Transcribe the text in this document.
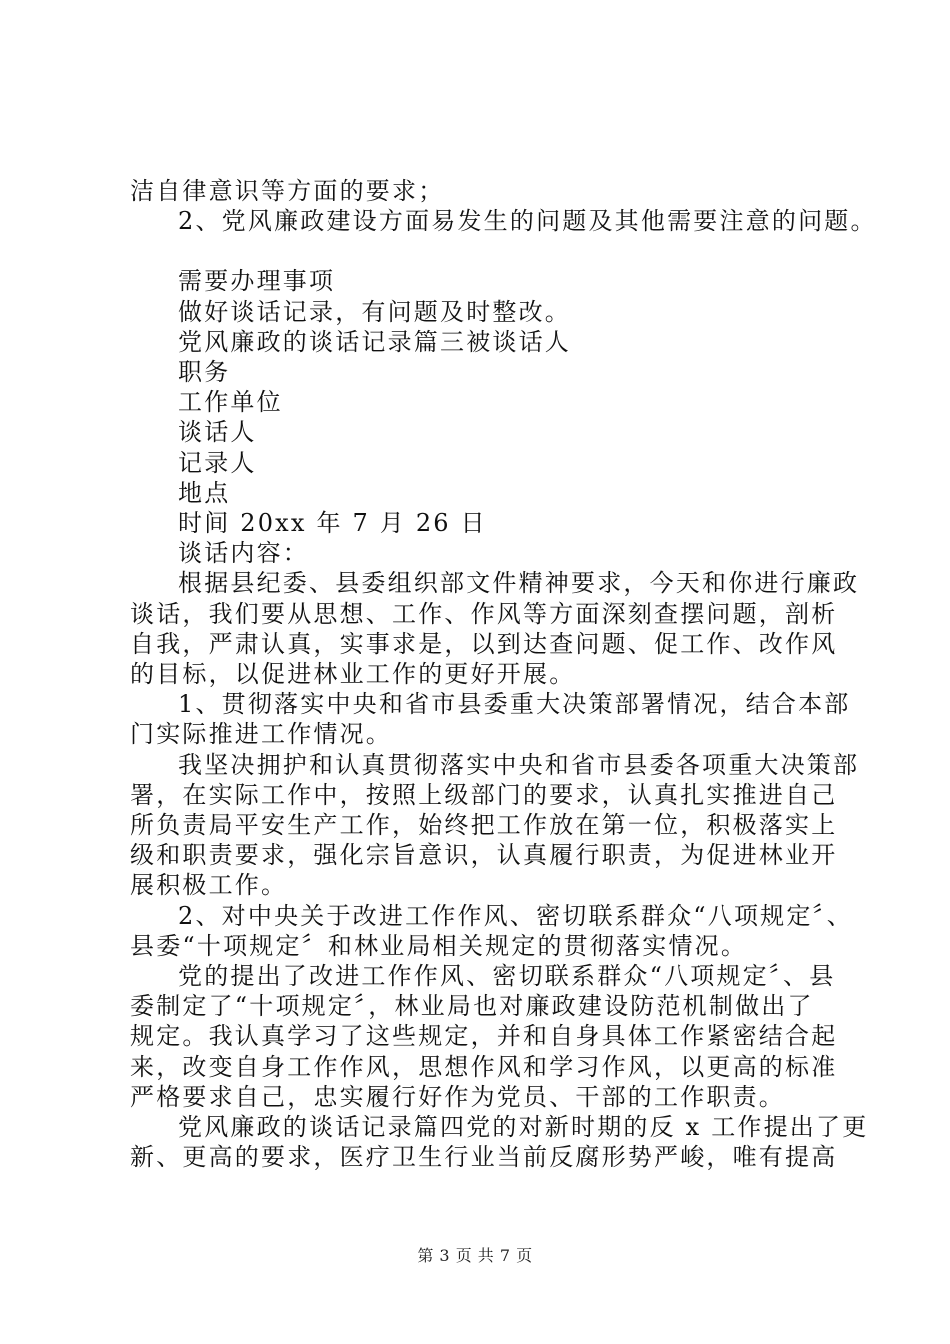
洁自律意识等方面的要求；
2、党风廉政建设方面易发生的问题及其他需要注意的问题。
需要办理事项
做好谈话记录，有问题及时整改。
党风廉政的谈话记录篇三被谈话人
职务
工作单位
谈话人
记录人
地点
时间 20xx 年 7 月 26 日
谈话内容：
根据县纪委、县委组织部文件精神要求，今天和你进行廉政
谈话，我们要从思想、工作、作风等方面深刻查摆问题，剖析
自我，严肃认真，实事求是，以到达查问题、促工作、改作风
的目标，以促进林业工作的更好开展。
1、贯彻落实中央和省市县委重大决策部署情况，结合本部
门实际推进工作情况。
我坚决拥护和认真贯彻落实中央和省市县委各项重大决策部
署，在实际工作中，按照上级部门的要求，认真扎实推进自己
所负责局平安生产工作，始终把工作放在第一位，积极落实上
级和职责要求，强化宗旨意识，认真履行职责，为促进林业开
展积极工作。
2、对中央关于改进工作作风、密切联系群众“八项规定〞、
县委“十项规定〞和林业局相关规定的贯彻落实情况。
党的提出了改进工作作风、密切联系群众“八项规定〞、县
委制定了“十项规定〞，林业局也对廉政建设防范机制做出了
规定。我认真学习了这些规定，并和自身具体工作紧密结合起
来，改变自身工作作风，思想作风和学习作风，以更高的标准
严格要求自己，忠实履行好作为党员、干部的工作职责。
党风廉政的谈话记录篇四党的对新时期的反 x 工作提出了更
新、更高的要求，医疗卫生行业当前反腐形势严峻，唯有提高
第 3 页 共 7 页
